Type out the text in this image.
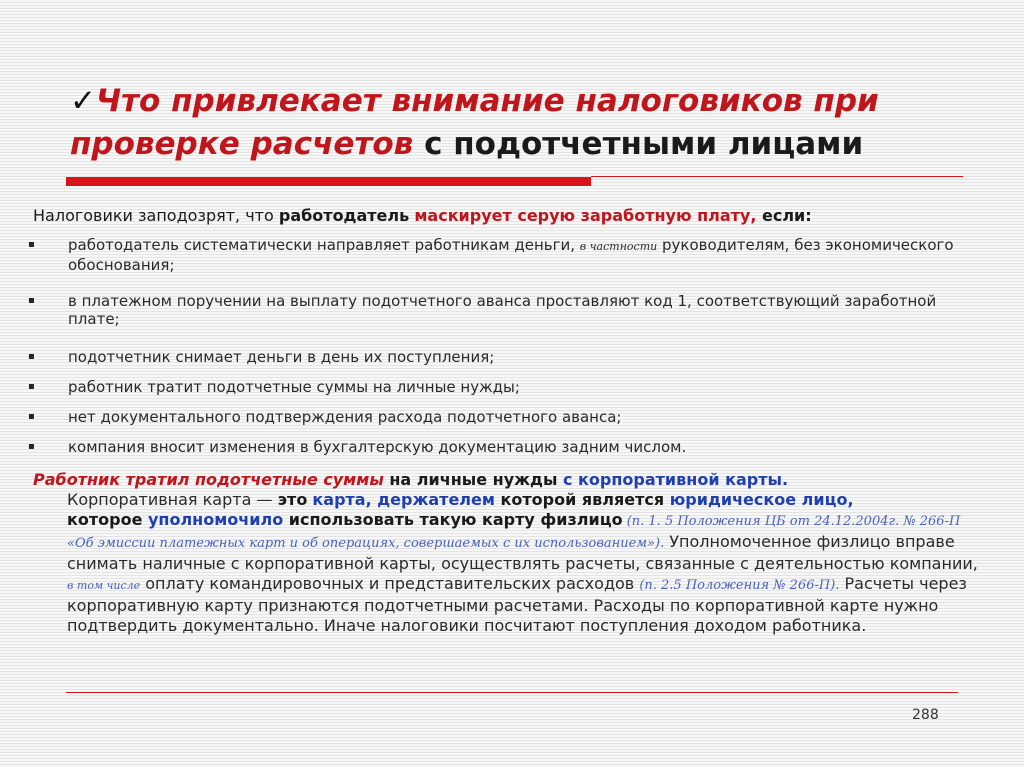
✓Что привлекает внимание налоговиков при проверке расчетов с подотчетными лицами
Налоговики заподозрят, что работодатель маскирует серую заработную плату, если:
▪ работодатель систематически направляет работникам деньги, в частности руководителям, без экономического обоснования;
▪ в платежном поручении на выплату подотчетного аванса проставляют код 1, соответствующий заработной плате;
▪ подотчетник снимает деньги в день их поступления;
▪ работник тратит подотчетные суммы на личные нужды;
▪ нет документального подтверждения расхода подотчетного аванса;
▪ компания вносит изменения в бухгалтерскую документацию задним числом.
Работник тратил подотчетные суммы на личные нужды с корпоративной карты.
Корпоративная карта — это карта, держателем которой является юридическое лицо,
которое уполномочило использовать такую карту физлицо (п. 1. 5 Положения ЦБ от 24.12.2004г. № 266-П «Об эмиссии платежных карт и об операциях, совершаемых с их использованием»). Уполномоченное физлицо вправе снимать наличные с корпоративной карты, осуществлять расчеты, связанные с деятельностью компании, в том числе оплату командировочных и представительских расходов (п. 2.5 Положения № 266-П). Расчеты через корпоративную карту признаются подотчетными расчетами. Расходы по корпоративной карте нужно подтвердить документально. Иначе налоговики посчитают поступления доходом работника.
288
